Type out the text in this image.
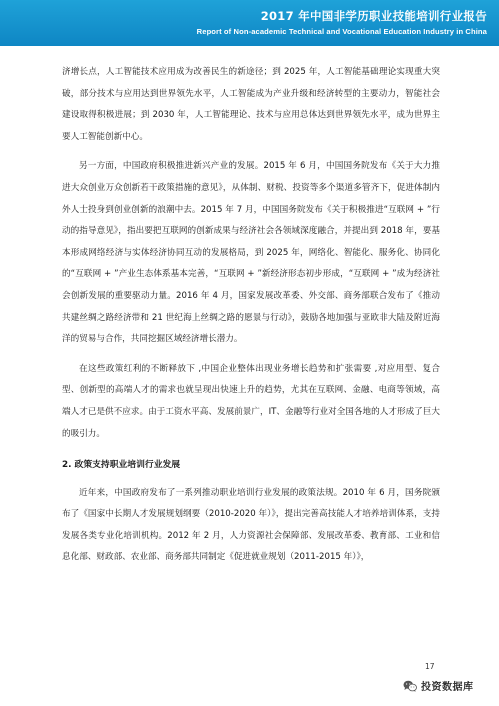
2017 年中国非学历职业技能培训行业报告
Report of Non-academic Technical and Vocational Education Industry in China

济增长点，人工智能技术应用成为改善民生的新途径；到 2025 年，人工智能基础理论实现重大突破，部分技术与应用达到世界领先水平，人工智能成为产业升级和经济转型的主要动力，智能社会建设取得积极进展；到 2030 年，人工智能理论、技术与应用总体达到世界领先水平，成为世界主要人工智能创新中心。

另一方面，中国政府积极推进新兴产业的发展。2015 年 6 月，中国国务院发布《关于大力推进大众创业万众创新若干政策措施的意见》，从体制、财税、投资等多个渠道多管齐下，促进体制内外人士投身到创业创新的浪潮中去。2015 年 7 月，中国国务院发布《关于积极推进“互联网 + ”行动的指导意见》，指出要把互联网的创新成果与经济社会各领域深度融合，并提出到 2018 年，要基本形成网络经济与实体经济协同互动的发展格局，到 2025 年，网络化、智能化、服务化、协同化的“互联网 + ”产业生态体系基本完善，“互联网 + ”新经济形态初步形成，“互联网 + ”成为经济社会创新发展的重要驱动力量。2016 年 4 月，国家发展改革委、外交部、商务部联合发布了《推动共建丝绸之路经济带和 21 世纪海上丝绸之路的愿景与行动》，鼓励各地加强与亚欧非大陆及附近海洋的贸易与合作，共同挖掘区域经济增长潜力。

在这些政策红利的不断释放下 ,中国企业整体出现业务增长趋势和扩张需要 ,对应用型、复合型、创新型的高端人才的需求也就呈现出快速上升的趋势，尤其在互联网、金融、电商等领域，高端人才已是供不应求。由于工资水平高、发展前景广，IT、金融等行业对全国各地的人才形成了巨大的吸引力。

2. 政策支持职业培训行业发展

近年来，中国政府发布了一系列推动职业培训行业发展的政策法规。2010 年 6 月，国务院颁布了《国家中长期人才发展规划纲要（2010-2020 年）》，提出完善高技能人才培养培训体系，支持发展各类专业化培训机构。2012 年 2 月，人力资源社会保障部、发展改革委、教育部、工业和信息化部、财政部、农业部、商务部共同制定《促进就业规划（2011-2015 年）》，

17
投资数据库
